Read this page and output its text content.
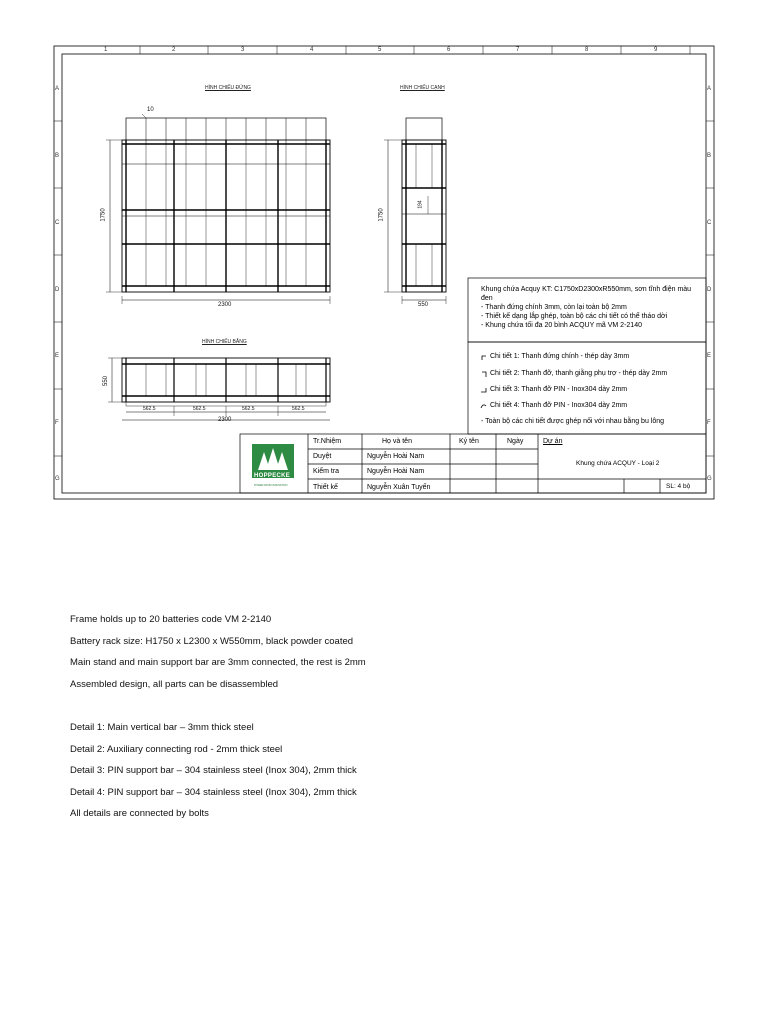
1	2	3	4	5	6	7	8	9
A
B
C
D
E
F
G
A
B
C
D
E
F
G
HÌNH CHIẾU ĐỨNG	HÌNH CHIẾU CẠNH
HÌNH CHIẾU BẰNG
10
1750
2300
1750
550
194
550
562.5	562.5	562.5	562.5
2300
Khung chứa Acquy KT: C1750xD2300xR550mm, sơn tĩnh điện màu đen
- Thanh đứng chính 3mm, còn lại toàn bộ 2mm
- Thiết kế dạng lắp ghép, toàn bộ các chi tiết có thể tháo dời
- Khung chứa tối đa 20 bình ACQUY mã VM 2-2140
Chi tiết 1: Thanh đứng chính - thép dày 3mm
Chi tiết 2: Thanh đỡ, thanh giằng phụ trợ - thép dày 2mm
Chi tiết 3: Thanh đỡ PIN - Inox304 dày 2mm
Chi tiết 4: Thanh đỡ PIN - Inox304 dày 2mm
- Toàn bộ các chi tiết được ghép nối với nhau bằng bu lông
HOPPECKE
POWER FROM INNOVATION
Tr.Nhiệm	Họ và tên	Ký tên	Ngày	Dự án
Duyệt	Nguyễn Hoài Nam
Kiểm tra	Nguyễn Hoài Nam
Thiết kế	Nguyễn Xuân Tuyến
Khung chứa ACQUY - Loại 2
SL: 4 bộ

Frame holds up to 20 batteries code VM 2-2140

Battery rack size: H1750 x L2300 x W550mm, black powder coated

Main stand and main support bar are 3mm connected, the rest is 2mm

Assembled design, all parts can be disassembled

Detail 1: Main vertical bar – 3mm thick steel

Detail 2: Auxiliary connecting rod - 2mm thick steel

Detail 3: PIN support bar – 304 stainless steel (Inox 304), 2mm thick

Detail 4: PIN support bar – 304 stainless steel (Inox 304), 2mm thick

All details are connected by bolts
